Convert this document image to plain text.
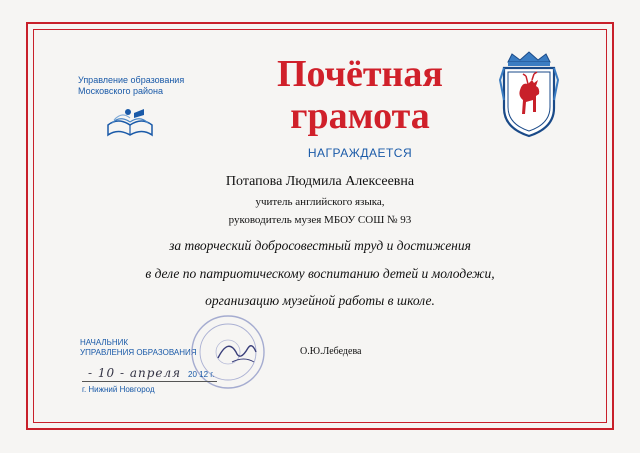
Управление образования
Московского района	Почётная
грамота
НАГРАЖДАЕТСЯ
Потапова Людмила Алексеевна
учитель английского языка,
руководитель музея МБОУ СОШ № 93
за творческий добросовестный труд и достижения
в деле по патриотическому воспитанию детей и молодежи,
организацию музейной работы в школе.
НАЧАЛЬНИК
УПРАВЛЕНИЯ ОБРАЗОВАНИЯ	О.Ю.Лебедева
- 10 - апреля 20 12 г.
г. Нижний Новгород
